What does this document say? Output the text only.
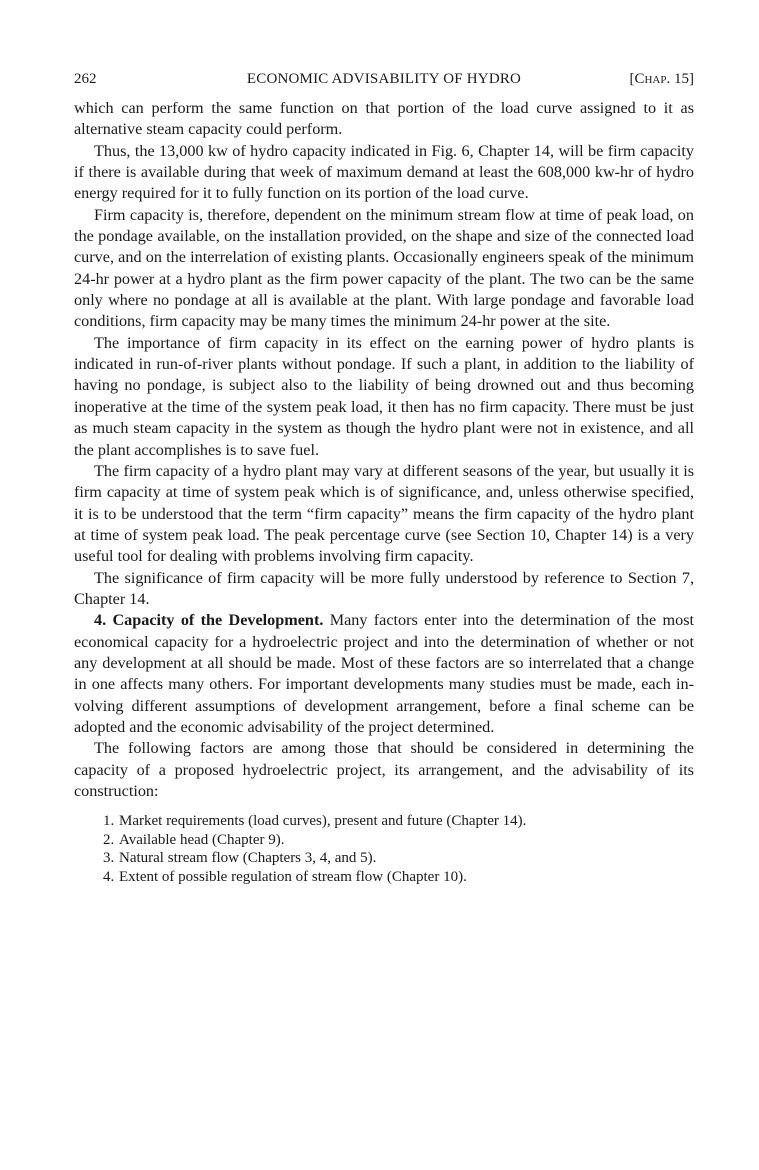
262	ECONOMIC ADVISABILITY OF HYDRO	[Chap. 15]

which can perform the same function on that portion of the load curve assigned to it as alternative steam capacity could perform.

Thus, the 13,000 kw of hydro capacity indicated in Fig. 6, Chapter 14, will be firm capacity if there is available during that week of maximum demand at least the 608,000 kw-hr of hydro energy required for it to fully function on its portion of the load curve.

Firm capacity is, therefore, dependent on the minimum stream flow at time of peak load, on the pondage available, on the installation provided, on the shape and size of the connected load curve, and on the interrelation of existing plants. Occasionally engineers speak of the minimum 24-hr power at a hydro plant as the firm power capacity of the plant. The two can be the same only where no pondage at all is available at the plant. With large pondage and favorable load conditions, firm capacity may be many times the minimum 24-hr power at the site.

The importance of firm capacity in its effect on the earning power of hydro plants is indicated in run-of-river plants without pondage. If such a plant, in addition to the liability of having no pondage, is subject also to the liability of being drowned out and thus becoming inoperative at the time of the system peak load, it then has no firm capacity. There must be just as much steam capacity in the system as though the hydro plant were not in existence, and all the plant accomplishes is to save fuel.

The firm capacity of a hydro plant may vary at different seasons of the year, but usually it is firm capacity at time of system peak which is of significance, and, unless otherwise specified, it is to be understood that the term “firm capacity” means the firm capacity of the hydro plant at time of system peak load. The peak percentage curve (see Section 10, Chapter 14) is a very useful tool for dealing with problems involving firm capacity.

The significance of firm capacity will be more fully understood by reference to Section 7, Chapter 14.

4. Capacity of the Development. Many factors enter into the determination of the most economical capacity for a hydroelectric project and into the determination of whether or not any development at all should be made. Most of these factors are so interrelated that a change in one affects many others. For important developments many studies must be made, each involving different assumptions of development arrangement, before a final scheme can be adopted and the economic advisability of the project determined.

The following factors are among those that should be considered in determining the capacity of a proposed hydroelectric project, its arrangement, and the advisability of its construction:

1. Market requirements (load curves), present and future (Chapter 14).
2. Available head (Chapter 9).
3. Natural stream flow (Chapters 3, 4, and 5).
4. Extent of possible regulation of stream flow (Chapter 10).
